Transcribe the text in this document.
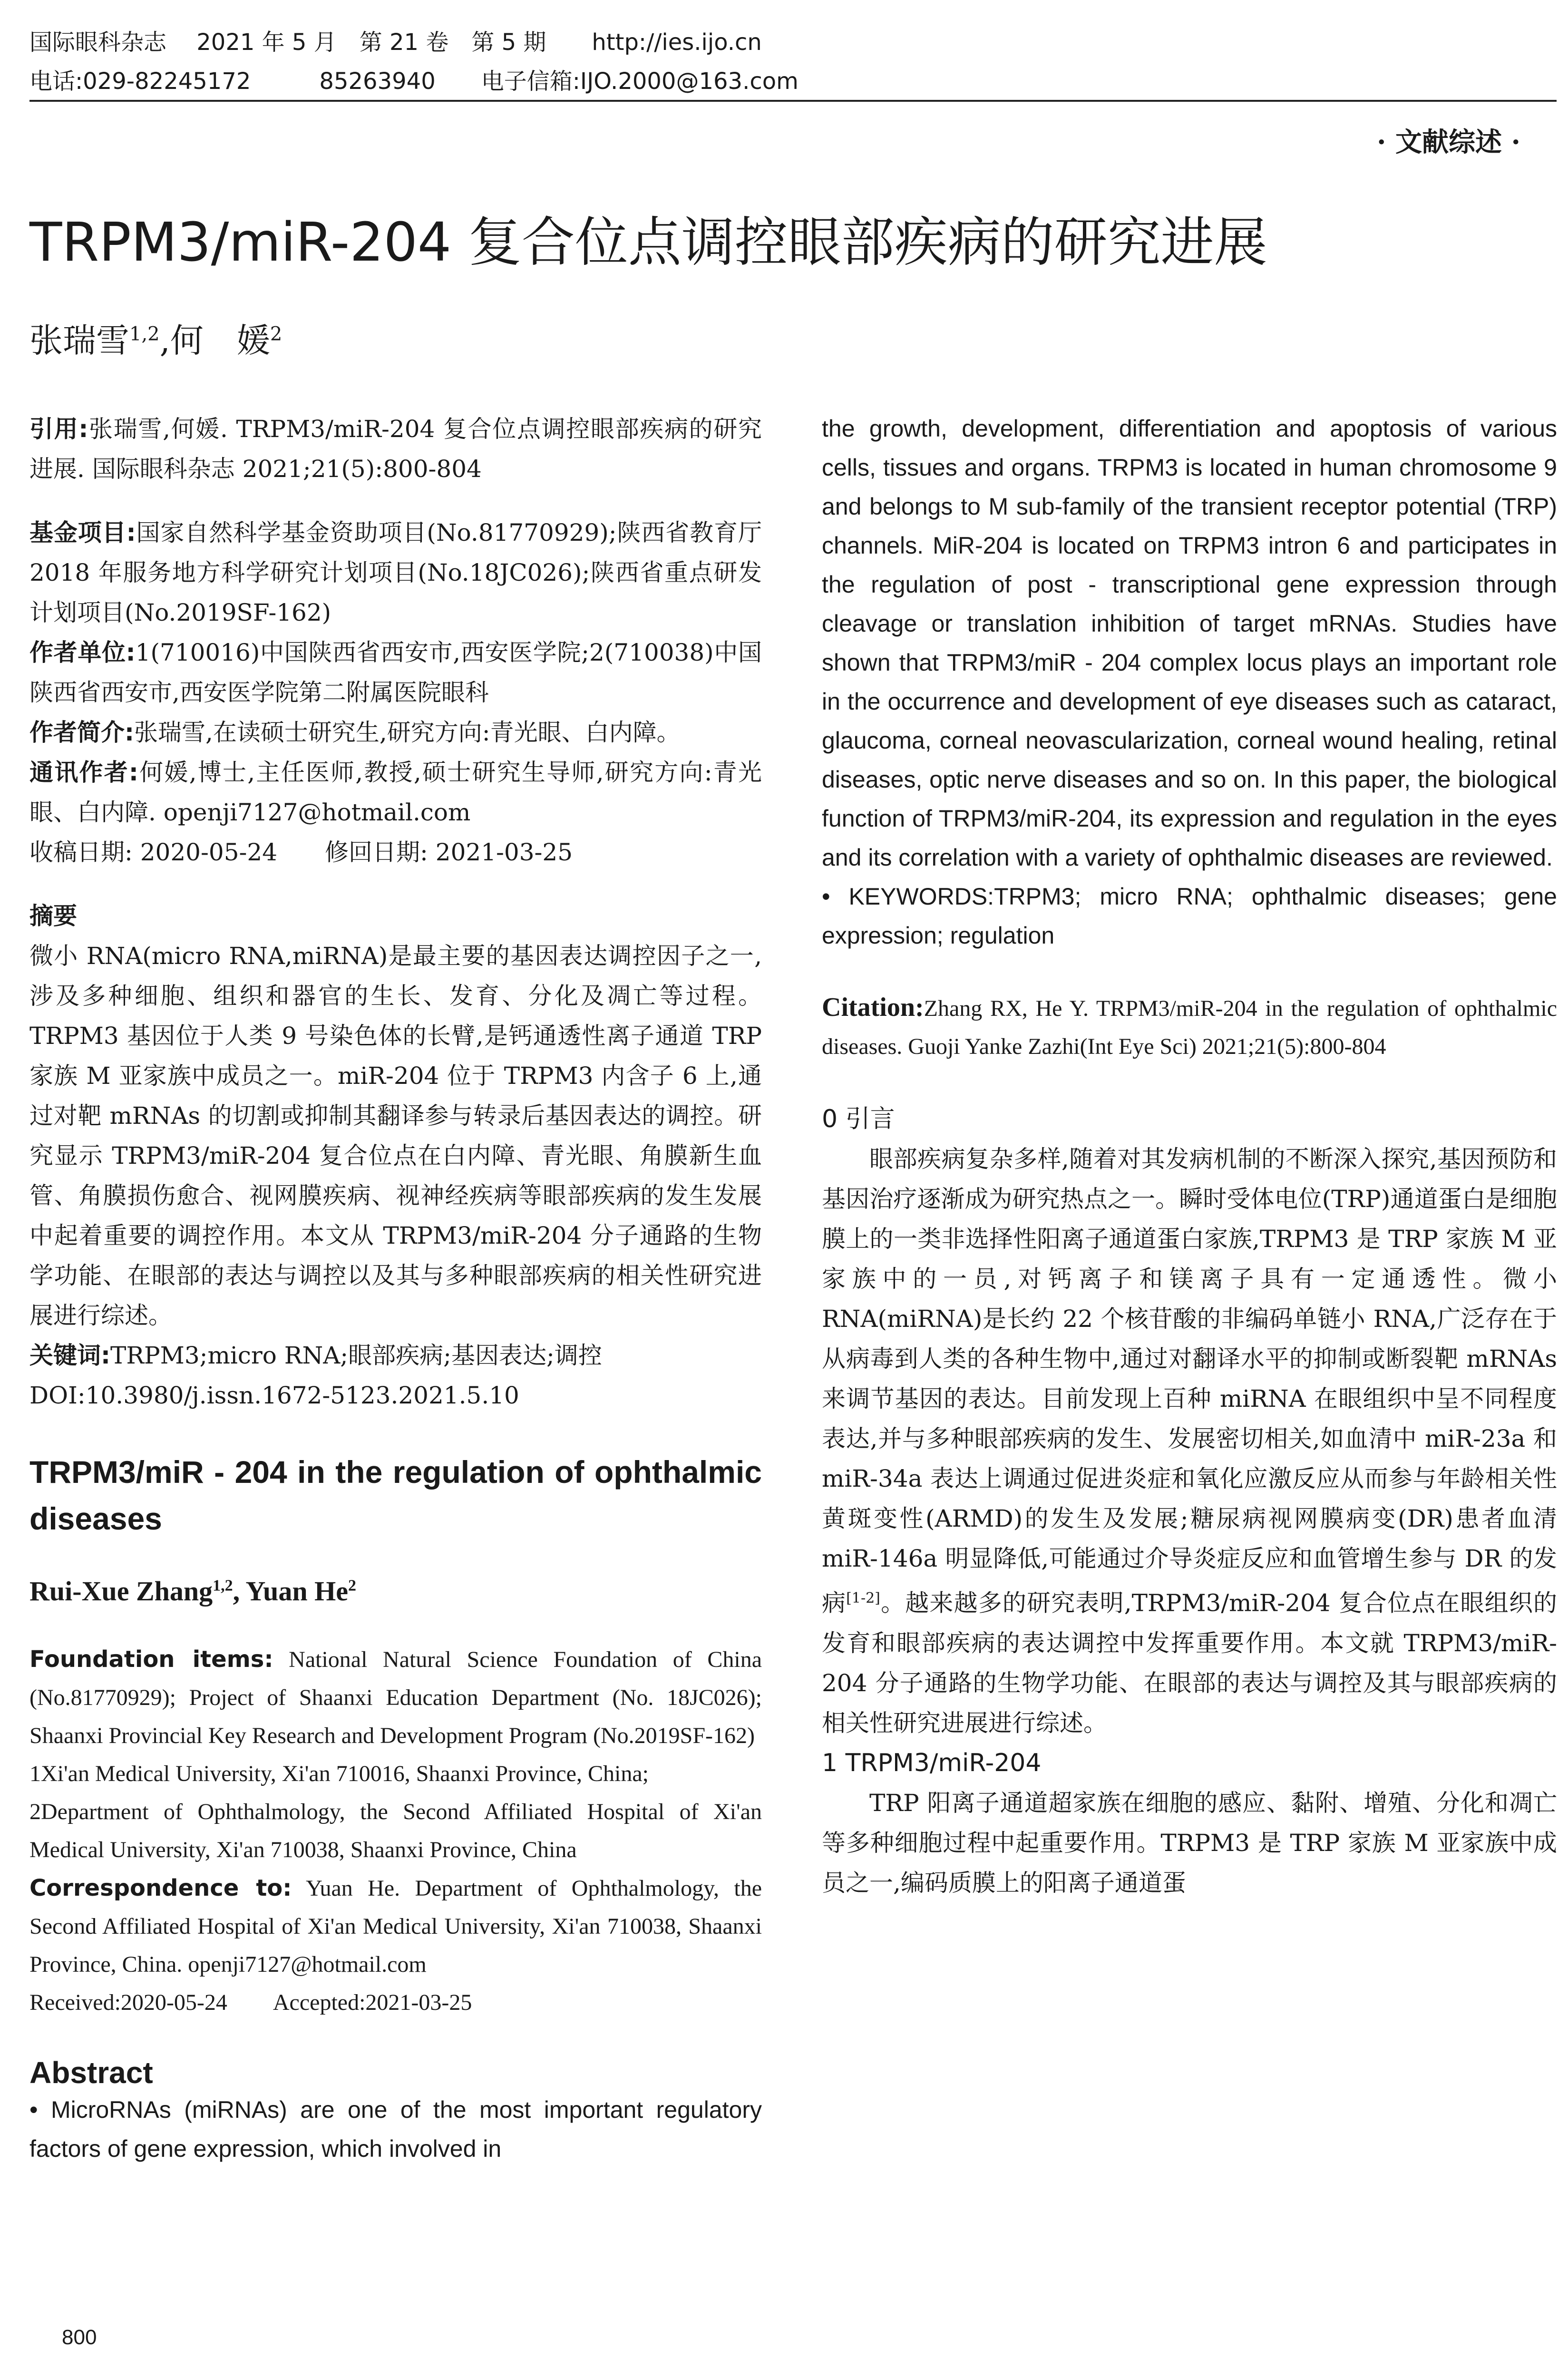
国际眼科杂志　 2021 年 5 月　第 21 卷　第 5 期　　http://ies.ijo.cn
电话:029-82245172　　　85263940　　电子信箱:IJO.2000@163.com
· 文献综述 ·
TRPM3/miR-204 复合位点调控眼部疾病的研究进展
张瑞雪$^{1,2}$,何　媛$^2$

引用:张瑞雪,何媛. TRPM3/miR-204 复合位点调控眼部疾病的研究进展. 国际眼科杂志 2021;21(5):800-804

基金项目:国家自然科学基金资助项目(No.81770929);陕西省教育厅 2018 年服务地方科学研究计划项目(No.18JC026);陕西省重点研发计划项目(No.2019SF-162)

作者单位:1(710016)中国陕西省西安市,西安医学院;2(710038)中国陕西省西安市,西安医学院第二附属医院眼科

作者简介:张瑞雪,在读硕士研究生,研究方向:青光眼、白内障。

通讯作者:何媛,博士,主任医师,教授,硕士研究生导师,研究方向:青光眼、白内障. openji7127@hotmail.com

收稿日期: 2020-05-24　　修回日期: 2021-03-25

摘要

微小 RNA(micro RNA,miRNA)是最主要的基因表达调控因子之一,涉及多种细胞、组织和器官的生长、发育、分化及凋亡等过程。TRPM3 基因位于人类 9 号染色体的长臂,是钙通透性离子通道 TRP 家族 M 亚家族中成员之一。miR-204 位于 TRPM3 内含子 6 上,通过对靶 mRNAs 的切割或抑制其翻译参与转录后基因表达的调控。研究显示 TRPM3/miR-204 复合位点在白内障、青光眼、角膜新生血管、角膜损伤愈合、视网膜疾病、视神经疾病等眼部疾病的发生发展中起着重要的调控作用。本文从 TRPM3/miR-204 分子通路的生物学功能、在眼部的表达与调控以及其与多种眼部疾病的相关性研究进展进行综述。

关键词:TRPM3;micro RNA;眼部疾病;基因表达;调控

DOI:10.3980/j.issn.1672-5123.2021.5.10

TRPM3/miR - 204 in the regulation of ophthalmic diseases
Rui-Xue Zhang$^{1,2}$, Yuan He$^2$

Foundation items: National Natural Science Foundation of China (No.81770929); Project of Shaanxi Education Department (No. 18JC026); Shaanxi Provincial Key Research and Development Program (No.2019SF-162)

1Xi'an Medical University, Xi'an 710016, Shaanxi Province, China;

2Department of Ophthalmology, the Second Affiliated Hospital of Xi'an Medical University, Xi'an 710038, Shaanxi Province, China

Correspondence to: Yuan He. Department of Ophthalmology, the Second Affiliated Hospital of Xi'an Medical University, Xi'an 710038, Shaanxi Province, China. openji7127@hotmail.com

Received:2020-05-24　　Accepted:2021-03-25

Abstract

• MicroRNAs (miRNAs) are one of the most important regulatory factors of gene expression, which involved in

the growth, development, differentiation and apoptosis of various cells, tissues and organs. TRPM3 is located in human chromosome 9 and belongs to M sub-family of the transient receptor potential (TRP) channels. MiR-204 is located on TRPM3 intron 6 and participates in the regulation of post - transcriptional gene expression through cleavage or translation inhibition of target mRNAs. Studies have shown that TRPM3/miR - 204 complex locus plays an important role in the occurrence and development of eye diseases such as cataract, glaucoma, corneal neovascularization, corneal wound healing, retinal diseases, optic nerve diseases and so on. In this paper, the biological function of TRPM3/miR-204, its expression and regulation in the eyes and its correlation with a variety of ophthalmic diseases are reviewed.

• KEYWORDS:TRPM3; micro RNA; ophthalmic diseases; gene expression; regulation

Citation:Zhang RX, He Y. TRPM3/miR-204 in the regulation of ophthalmic diseases. Guoji Yanke Zazhi(Int Eye Sci) 2021;21(5):800-804

0 引言

眼部疾病复杂多样,随着对其发病机制的不断深入探究,基因预防和基因治疗逐渐成为研究热点之一。瞬时受体电位(TRP)通道蛋白是细胞膜上的一类非选择性阳离子通道蛋白家族,TRPM3 是 TRP 家族 M 亚家族中的一员,对钙离子和镁离子具有一定通透性。微小 RNA(miRNA)是长约 22 个核苷酸的非编码单链小 RNA,广泛存在于从病毒到人类的各种生物中,通过对翻译水平的抑制或断裂靶 mRNAs 来调节基因的表达。目前发现上百种 miRNA 在眼组织中呈不同程度表达,并与多种眼部疾病的发生、发展密切相关,如血清中 miR-23a 和 miR-34a 表达上调通过促进炎症和氧化应激反应从而参与年龄相关性黄斑变性(ARMD)的发生及发展;糖尿病视网膜病变(DR)患者血清 miR-146a 明显降低,可能通过介导炎症反应和血管增生参与 DR 的发病[1-2]。越来越多的研究表明,TRPM3/miR-204 复合位点在眼组织的发育和眼部疾病的表达调控中发挥重要作用。本文就 TRPM3/miR-204 分子通路的生物学功能、在眼部的表达与调控及其与眼部疾病的相关性研究进展进行综述。

1 TRPM3/miR-204

TRP 阳离子通道超家族在细胞的感应、黏附、增殖、分化和凋亡等多种细胞过程中起重要作用。TRPM3 是 TRP 家族 M 亚家族中成员之一,编码质膜上的阳离子通道蛋

800
